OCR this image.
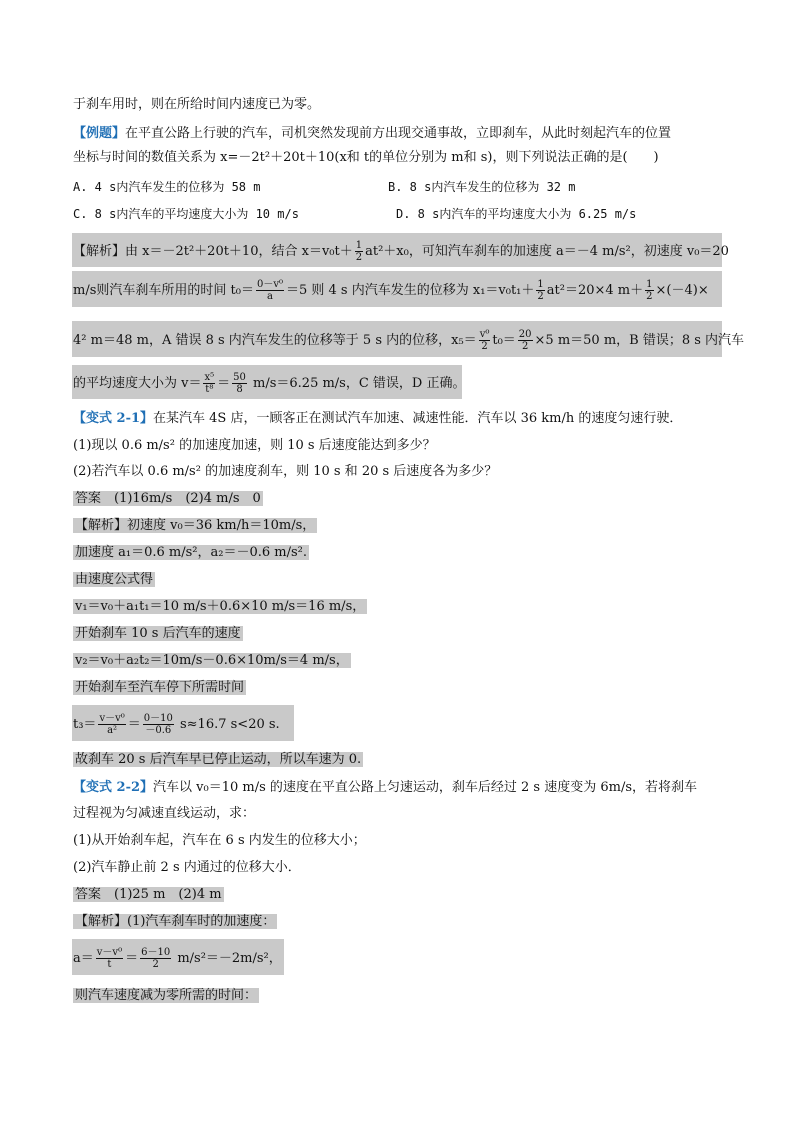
于刹车用时，则在所给时间内速度已为零。
【例题】在平直公路上行驶的汽车，司机突然发现前方出现交通事故，立即刹车，从此时刻起汽车的位置
坐标与时间的数值关系为 x=－2t²＋20t＋10(x和 t的单位分别为 m和 s)，则下列说法正确的是(　　)
A. 4 s内汽车发生的位移为 58 m	B. 8 s内汽车发生的位移为 32 m
C. 8 s内汽车的平均速度大小为 10 m/s	D. 8 s内汽车的平均速度大小为 6.25 m/s
【解析】由 x＝－2t²＋20t＋10，结合 $x=v_0t+ \frac{1}{2} at^2+x_0$，可知汽车刹车的加速度 a＝－4 m/s²，初速度 v₀＝20
m/s则汽车刹车所用的时间 $t_0= \frac{\text{0－v⁰}}{a} =5$ 则 4 s 内汽车发生的位移为 $x_1=v_0t_1+ \frac{1}{2} at^2=20\times 4$ $m+ \frac{1}{2} \times(-4)\times$
4² m＝48 m，A 错误 8 s 内汽车发生的位移等于 5 s 内的位移，$x_5= \frac{\text{v⁰}}{2} t_0= \frac{20}{2} \times 5$ m＝50 m，B 错误；8 s 内汽车
的平均速度大小为 $v= \frac{\text{x⁵}}{\text{t⁸}} = \frac{50}{8} m/s=6.25$ m/s，C 错误，D 正确。
【变式 2-1】在某汽车 4S 店，一顾客正在测试汽车加速、减速性能．汽车以 36 km/h 的速度匀速行驶．
(1)现以 0.6 m/s² 的加速度加速，则 10 s 后速度能达到多少？
(2)若汽车以 0.6 m/s² 的加速度刹车，则 10 s 和 20 s 后速度各为多少？
答案　(1)16m/s　(2)4 m/s　0
【解析】初速度 v₀＝36 km/h＝10m/s，
加速度 a₁＝0.6 m/s²，a₂＝－0.6 m/s².
由速度公式得
v₁＝v₀＋a₁t₁＝10 m/s＋0.6×10 m/s＝16 m/s，
开始刹车 10 s 后汽车的速度
v₂＝v₀＋a₂t₂＝10m/s－0.6×10m/s＝4 m/s，
开始刹车至汽车停下所需时间
$t_3= \frac{\text{v－v⁰}}{\text{a²}} = \frac{0-10}{-0.6} s\approx 16.7$ s<20 s.
故刹车 20 s 后汽车早已停止运动，所以车速为 0.
【变式 2-2】汽车以 v₀＝10 m/s 的速度在平直公路上匀速运动，刹车后经过 2 s 速度变为 6m/s，若将刹车
过程视为匀减速直线运动，求：
(1)从开始刹车起，汽车在 6 s 内发生的位移大小；
(2)汽车静止前 2 s 内通过的位移大小．
答案　(1)25 m　(2)4 m
【解析】(1)汽车刹车时的加速度：
$a= \frac{\text{v－v⁰}}{t} = \frac{6-10}{2} m/s^2=-2m/s^2$，
则汽车速度减为零所需的时间：
